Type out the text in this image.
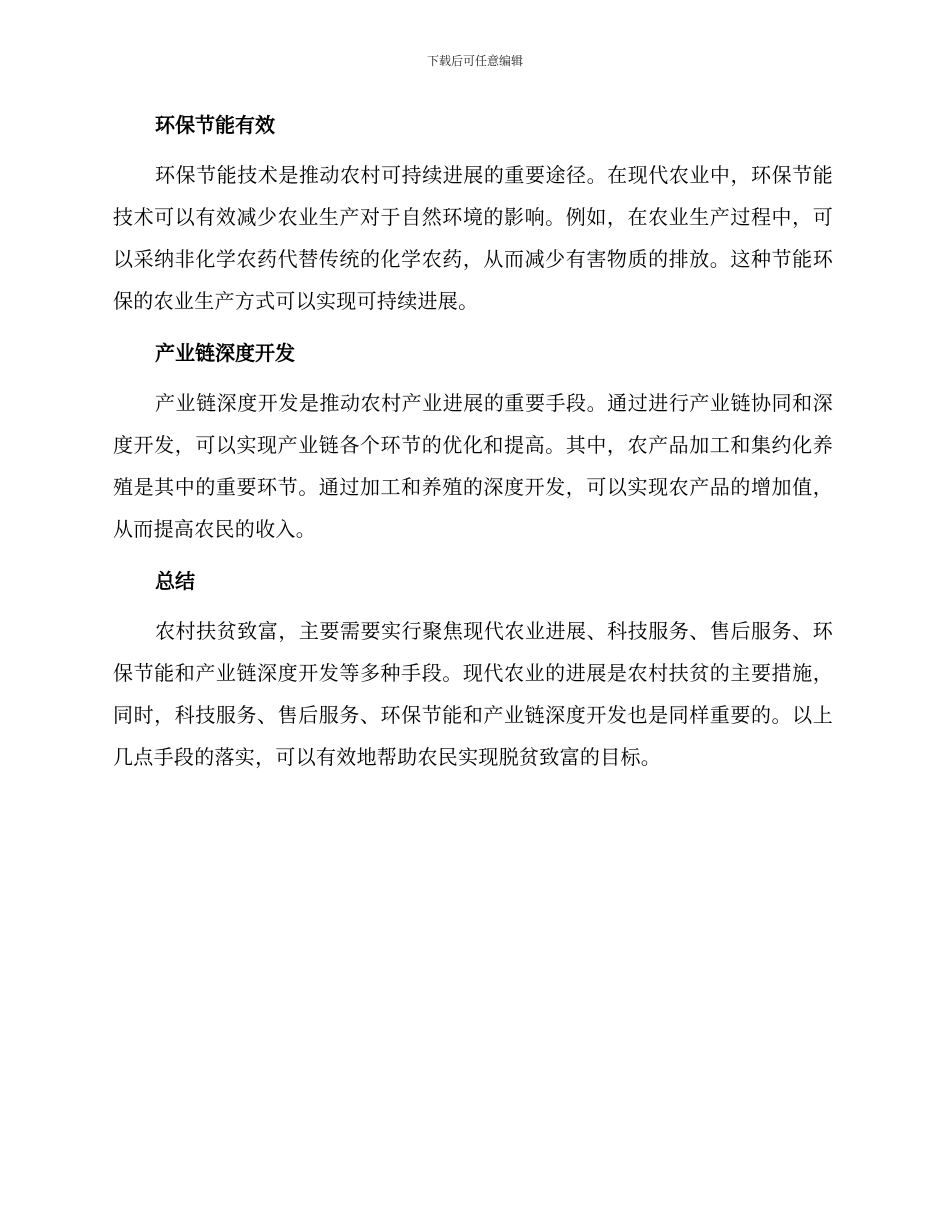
下载后可任意编辑
环保节能有效

环保节能技术是推动农村可持续进展的重要途径。在现代农业中，环保节能技术可以有效减少农业生产对于自然环境的影响。例如，在农业生产过程中，可以采纳非化学农药代替传统的化学农药，从而减少有害物质的排放。这种节能环保的农业生产方式可以实现可持续进展。

产业链深度开发

产业链深度开发是推动农村产业进展的重要手段。通过进行产业链协同和深度开发，可以实现产业链各个环节的优化和提高。其中，农产品加工和集约化养殖是其中的重要环节。通过加工和养殖的深度开发，可以实现农产品的增加值，从而提高农民的收入。

总结

农村扶贫致富，主要需要实行聚焦现代农业进展、科技服务、售后服务、环保节能和产业链深度开发等多种手段。现代农业的进展是农村扶贫的主要措施，同时，科技服务、售后服务、环保节能和产业链深度开发也是同样重要的。以上几点手段的落实，可以有效地帮助农民实现脱贫致富的目标。
